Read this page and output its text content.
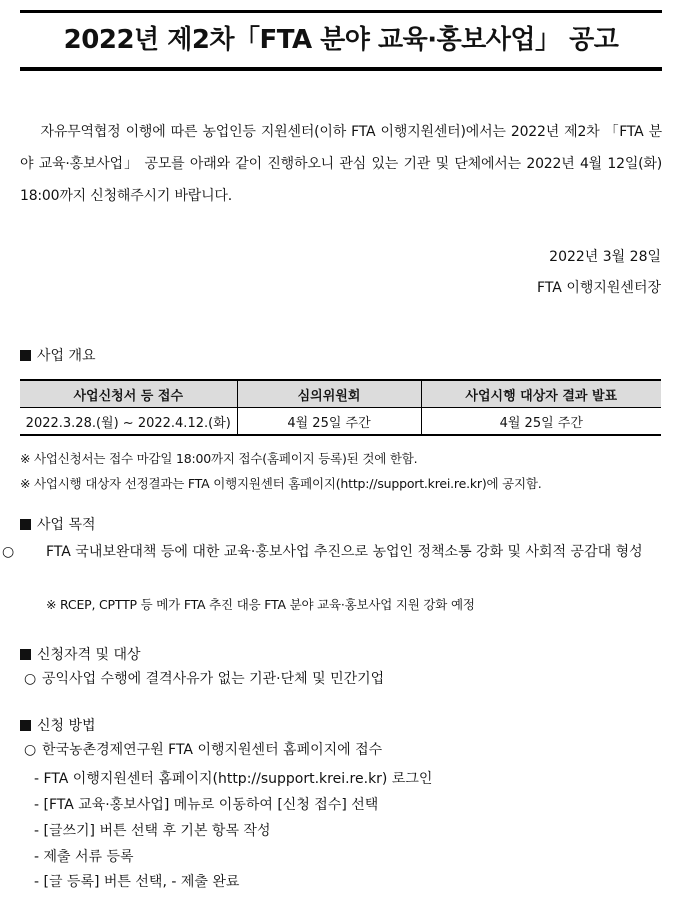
2022년 제2차「FTA 분야 교육·홍보사업」 공고
자유무역협정 이행에 따른 농업인등 지원센터(이하 FTA 이행지원센터)에서는 2022년 제2차 「FTA 분야 교육·홍보사업」 공모를 아래와 같이 진행하오니 관심 있는 기관 및 단체에서는 2022년 4월 12일(화) 18:00까지 신청해주시기 바랍니다.
2022년 3월 28일
FTA 이행지원센터장
사업 개요
사업신청서 등 접수	심의위원회	사업시행 대상자 결과 발표
2022.3.28.(월) ~ 2022.4.12.(화)	4월 25일 주간	4월 25일 주간
※ 사업신청서는 접수 마감일 18:00까지 접수(홈페이지 등록)된 것에 한함.
※ 사업시행 대상자 선정결과는 FTA 이행지원센터 홈페이지(http://support.krei.re.kr)에 공지함.
사업 목적
○ FTA 국내보완대책 등에 대한 교육·홍보사업 추진으로 농업인 정책소통 강화 및 사회적 공감대 형성
※ RCEP, CPTTP 등 메가 FTA 추진 대응 FTA 분야 교육·홍보사업 지원 강화 예정
신청자격 및 대상
○ 공익사업 수행에 결격사유가 없는 기관·단체 및 민간기업
신청 방법
○ 한국농촌경제연구원 FTA 이행지원센터 홈페이지에 접수
- FTA 이행지원센터 홈페이지(http://support.krei.re.kr) 로그인
- [FTA 교육·홍보사업] 메뉴로 이동하여 [신청 접수] 선택
- [글쓰기] 버튼 선택 후 기본 항목 작성
- 제출 서류 등록
- [글 등록] 버튼 선택, - 제출 완료
